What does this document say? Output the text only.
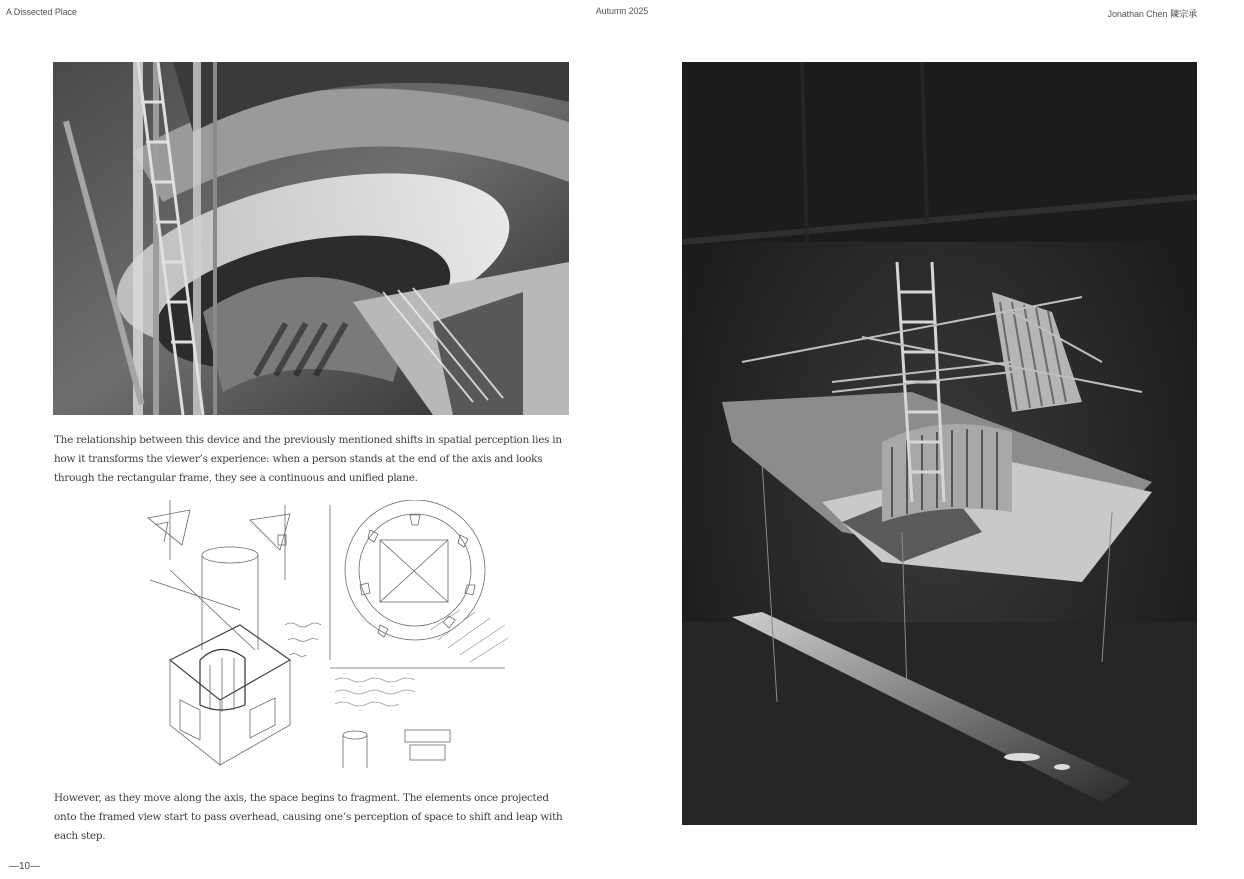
A Dissected Place	Autumn 2025	Jonathan Chen 陳宗承

The relationship between this device and the previously mentioned shifts in spatial perception lies in how it transforms the viewer’s experience: when a person stands at the end of the axis and looks through the rectangular frame, they see a continuous and unified plane.

However, as they move along the axis, the space begins to fragment. The elements once projected onto the framed view start to pass overhead, causing one’s perception of space to shift and leap with each step.

—10—
